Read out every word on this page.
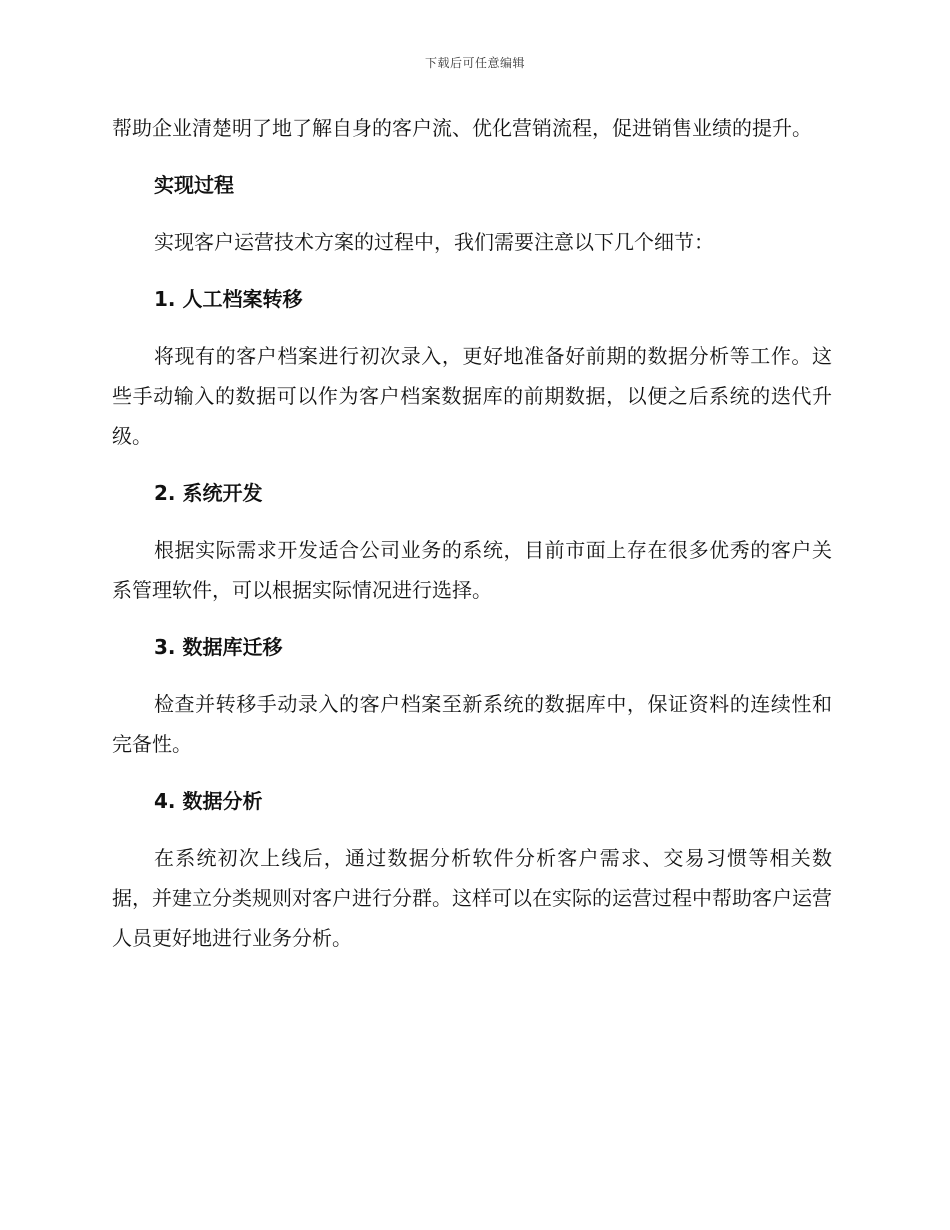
下载后可任意编辑

帮助企业清楚明了地了解自身的客户流、优化营销流程，促进销售业绩的提升。

实现过程

实现客户运营技术方案的过程中，我们需要注意以下几个细节：

1. 人工档案转移

将现有的客户档案进行初次录入，更好地准备好前期的数据分析等工作。这些手动输入的数据可以作为客户档案数据库的前期数据，以便之后系统的迭代升级。

2. 系统开发

根据实际需求开发适合公司业务的系统，目前市面上存在很多优秀的客户关系管理软件，可以根据实际情况进行选择。

3. 数据库迁移

检查并转移手动录入的客户档案至新系统的数据库中，保证资料的连续性和完备性。

4. 数据分析

在系统初次上线后，通过数据分析软件分析客户需求、交易习惯等相关数据，并建立分类规则对客户进行分群。这样可以在实际的运营过程中帮助客户运营人员更好地进行业务分析。
